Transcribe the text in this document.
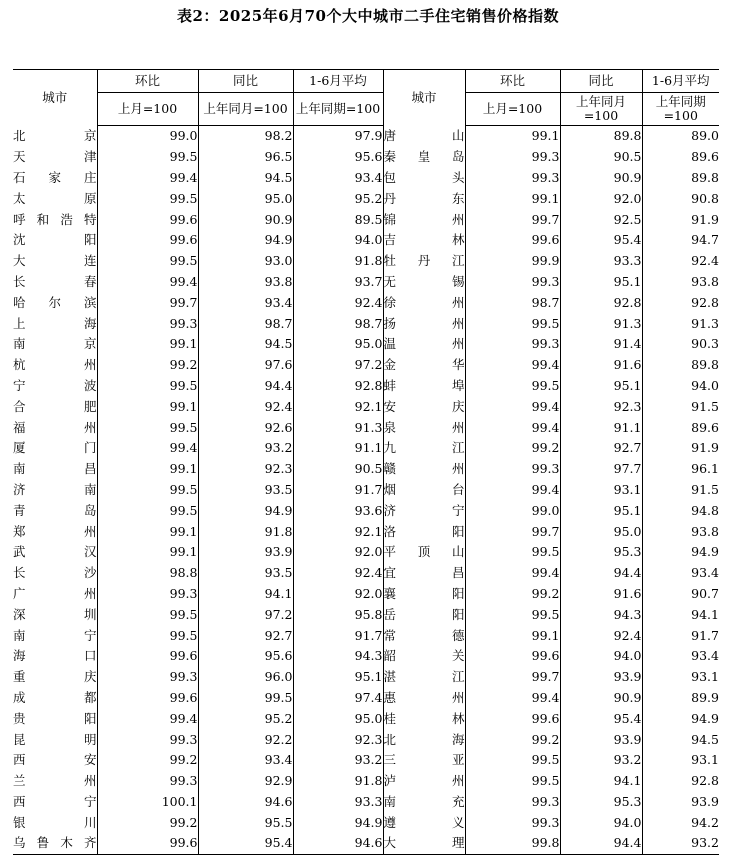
表2：2025年6月70个大中城市二手住宅销售价格指数
城市	环比	同比	1-6月平均	城市	环比	同比	1-6月平均
	上月=100	上年同月=100	上年同期=100		上月=100	上年同月=100	上年同期=100
北京	99.0	98.2	97.9	唐山	99.1	89.8	89.0
天津	99.5	96.5	95.6	秦皇岛	99.3	90.5	89.6
石家庄	99.4	94.5	93.4	包头	99.3	90.9	89.8
太原	99.5	95.0	95.2	丹东	99.1	92.0	90.8
呼和浩特	99.6	90.9	89.5	锦州	99.7	92.5	91.9
沈阳	99.6	94.9	94.0	吉林	99.6	95.4	94.7
大连	99.5	93.0	91.8	牡丹江	99.9	93.3	92.4
长春	99.4	93.8	93.7	无锡	99.3	95.1	93.8
哈尔滨	99.7	93.4	92.4	徐州	98.7	92.8	92.8
上海	99.3	98.7	98.7	扬州	99.5	91.3	91.3
南京	99.1	94.5	95.0	温州	99.3	91.4	90.3
杭州	99.2	97.6	97.2	金华	99.4	91.6	89.8
宁波	99.5	94.4	92.8	蚌埠	99.5	95.1	94.0
合肥	99.1	92.4	92.1	安庆	99.4	92.3	91.5
福州	99.5	92.6	91.3	泉州	99.4	91.1	89.6
厦门	99.4	93.2	91.1	九江	99.2	92.7	91.9
南昌	99.1	92.3	90.5	赣州	99.3	97.7	96.1
济南	99.5	93.5	91.7	烟台	99.4	93.1	91.5
青岛	99.5	94.9	93.6	济宁	99.0	95.1	94.8
郑州	99.1	91.8	92.1	洛阳	99.7	95.0	93.8
武汉	99.1	93.9	92.0	平顶山	99.5	95.3	94.9
长沙	98.8	93.5	92.4	宜昌	99.4	94.4	93.4
广州	99.3	94.1	92.0	襄阳	99.2	91.6	90.7
深圳	99.5	97.2	95.8	岳阳	99.5	94.3	94.1
南宁	99.5	92.7	91.7	常德	99.1	92.4	91.7
海口	99.6	95.6	94.3	韶关	99.6	94.0	93.4
重庆	99.3	96.0	95.1	湛江	99.7	93.9	93.1
成都	99.6	99.5	97.4	惠州	99.4	90.9	89.9
贵阳	99.4	95.2	95.0	桂林	99.6	95.4	94.9
昆明	99.3	92.2	92.3	北海	99.2	93.9	94.5
西安	99.2	93.4	93.2	三亚	99.5	93.2	93.1
兰州	99.3	92.9	91.8	泸州	99.5	94.1	92.8
西宁	100.1	94.6	93.3	南充	99.3	95.3	93.9
银川	99.2	95.5	94.9	遵义	99.3	94.0	94.2
乌鲁木齐	99.6	95.4	94.6	大理	99.8	94.4	93.2
